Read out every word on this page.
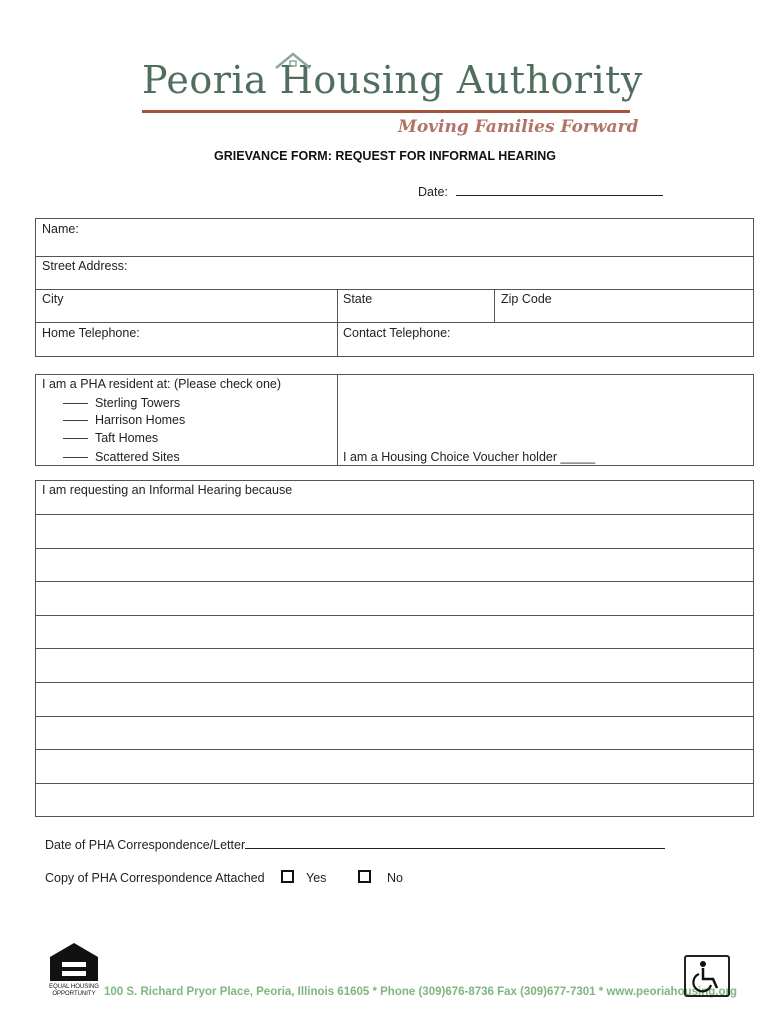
Peoria Housing Authority
Moving Families Forward
GRIEVANCE FORM: REQUEST FOR INFORMAL HEARING
Date:
Name:
Street Address:
City	State	Zip Code
Home Telephone:	Contact Telephone:
I am a PHA resident at: (Please check one)
—— Sterling Towers
—— Harrison Homes
—— Taft Homes
—— Scattered Sites	I am a Housing Choice Voucher holder _____
I am requesting an Informal Hearing because
Date of PHA Correspondence/Letter
Copy of PHA Correspondence Attached	Yes	No
EQUAL HOUSING
OPPORTUNITY 100 S. Richard Pryor Place, Peoria, Illinois 61605 * Phone (309)676-8736 Fax (309)677-7301 * www.peoriahousing.org
